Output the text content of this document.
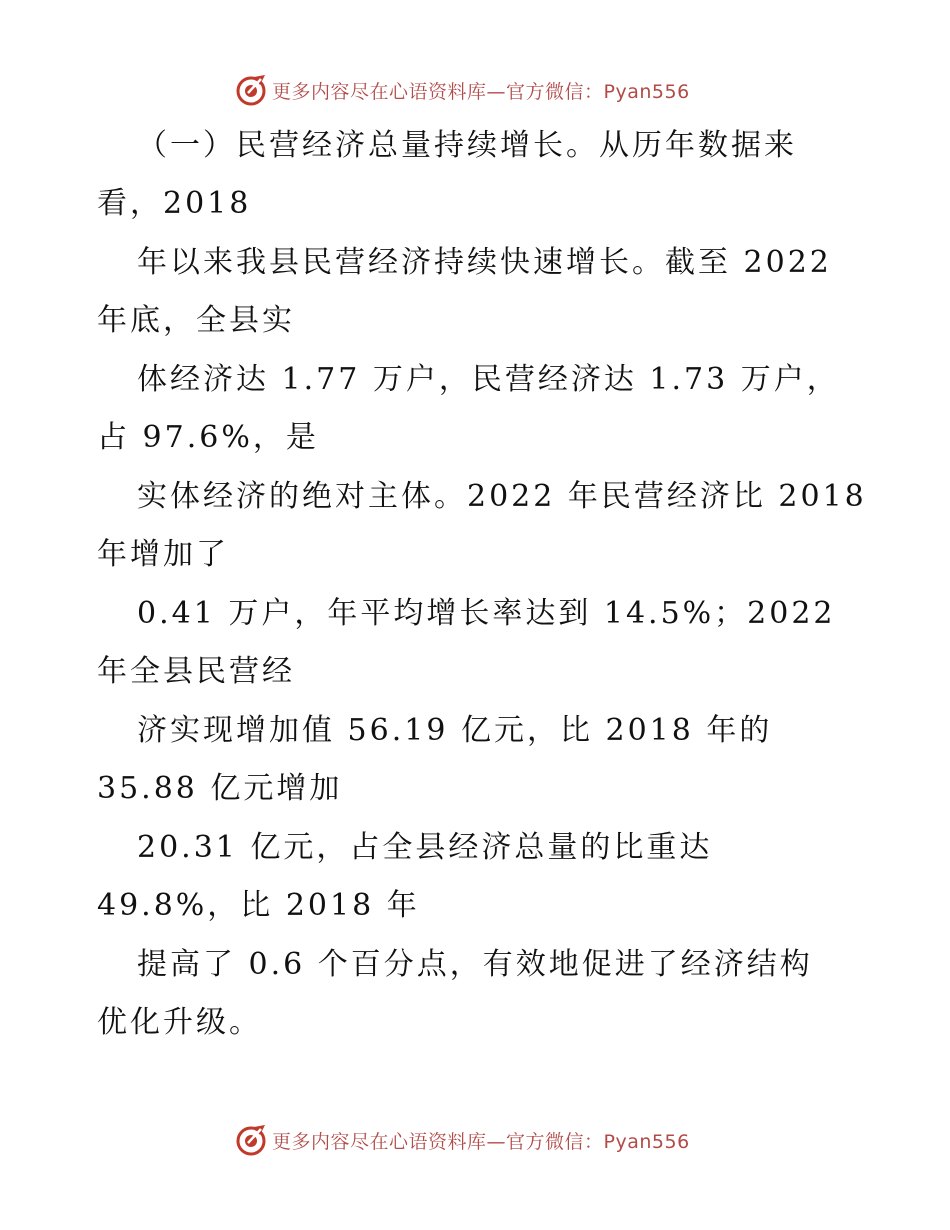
更多内容尽在心语资料库—官方微信：Pyan556
（一）民营经济总量持续增长。从历年数据来
看，2018
年以来我县民营经济持续快速增长。截至 2022
年底，全县实
体经济达 1.77 万户，民营经济达 1.73 万户，
占 97.6%，是
实体经济的绝对主体。2022 年民营经济比 2018
年增加了
0.41 万户，年平均增长率达到 14.5%；2022
年全县民营经
济实现增加值 56.19 亿元，比 2018 年的
35.88 亿元增加
20.31 亿元，占全县经济总量的比重达
49.8%，比 2018 年
提高了 0.6 个百分点，有效地促进了经济结构
优化升级。
更多内容尽在心语资料库—官方微信：Pyan556
